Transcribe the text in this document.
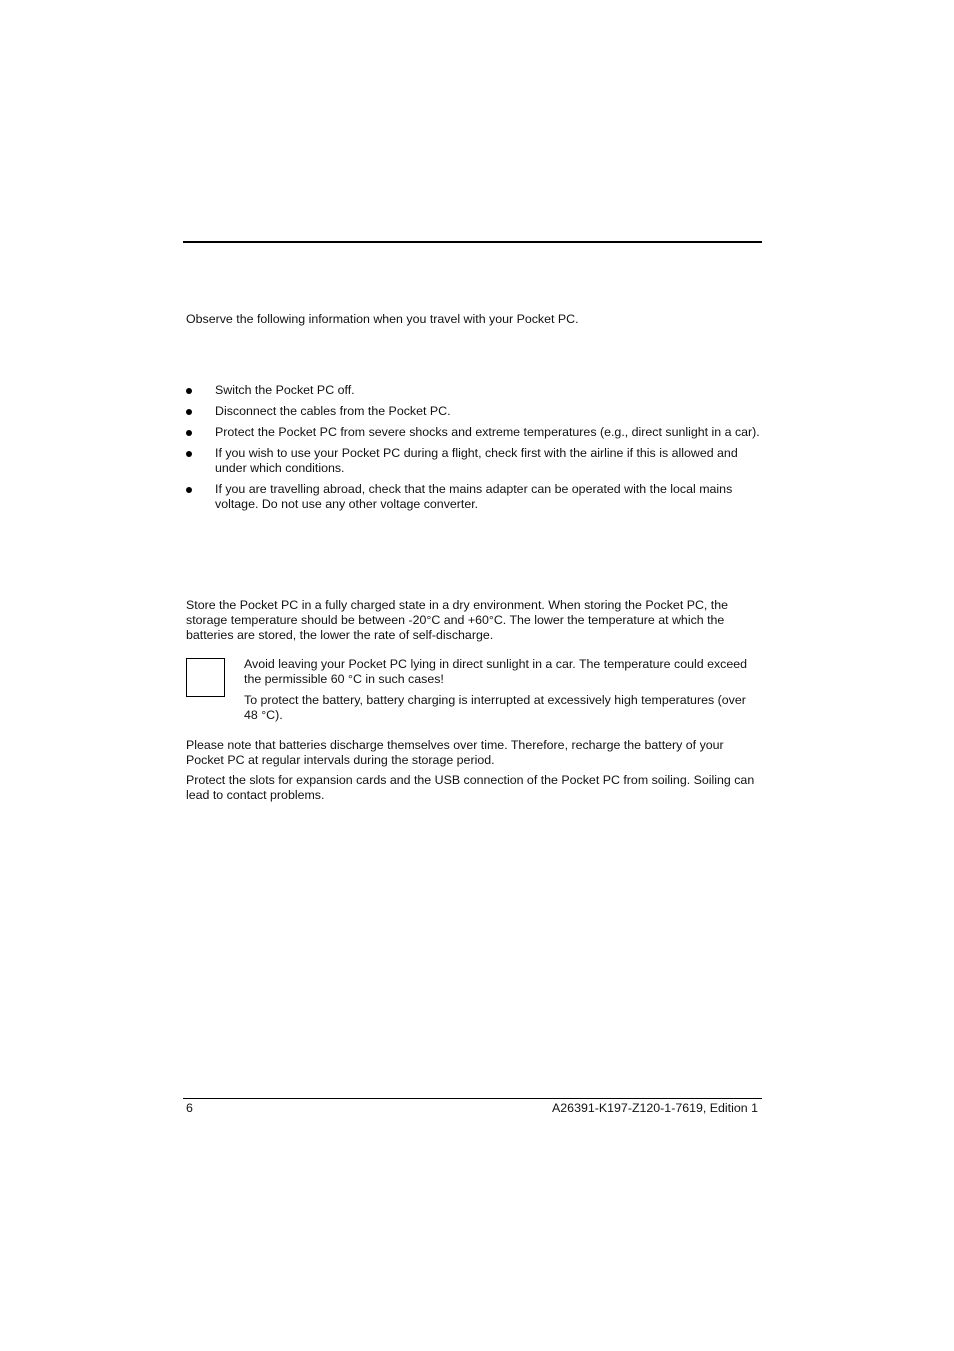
Observe the following information when you travel with your Pocket PC.

Switch the Pocket PC off.
Disconnect the cables from the Pocket PC.
Protect the Pocket PC from severe shocks and extreme temperatures (e.g., direct sunlight in a car).
If you wish to use your Pocket PC during a flight, check first with the airline if this is allowed and under which conditions.
If you are travelling abroad, check that the mains adapter can be operated with the local mains voltage. Do not use any other voltage converter.

Store the Pocket PC in a fully charged state in a dry environment. When storing the Pocket PC, the storage temperature should be between -20°C and +60°C. The lower the temperature at which the batteries are stored, the lower the rate of self-discharge.

Avoid leaving your Pocket PC lying in direct sunlight in a car. The temperature could exceed the permissible 60 °C in such cases!

To protect the battery, battery charging is interrupted at excessively high temperatures (over 48 °C).

Please note that batteries discharge themselves over time. Therefore, recharge the battery of your Pocket PC at regular intervals during the storage period.

Protect the slots for expansion cards and the USB connection of the Pocket PC from soiling. Soiling can lead to contact problems.

6	A26391-K197-Z120-1-7619, Edition 1
